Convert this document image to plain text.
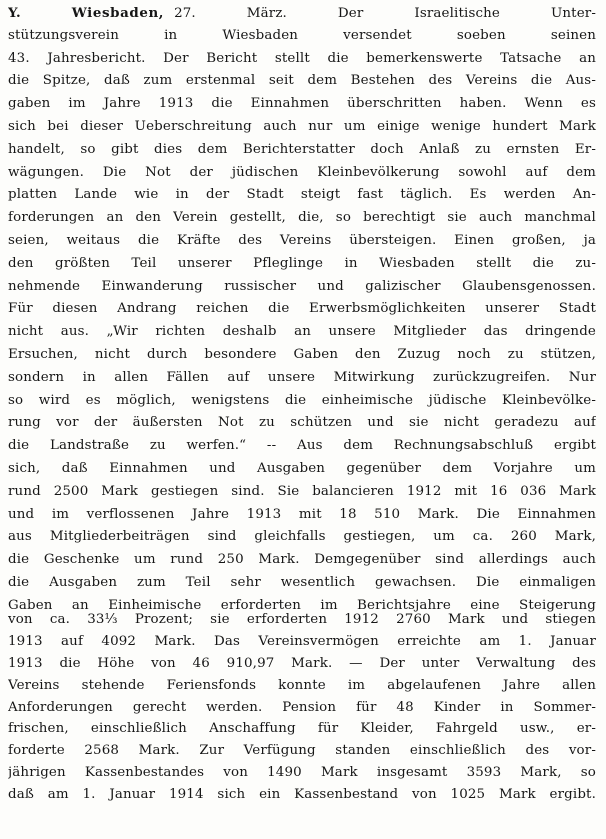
Y.	Wiesbaden, 27. März. Der Israelitische Unter-
stützungsverein in Wiesbaden versendet soeben seinen
43. Jahresbericht. Der Bericht stellt die bemerkenswerte Tatsache an
die Spitze, daß zum erstenmal seit dem Bestehen des Vereins die Aus-
gaben im Jahre 1913 die Einnahmen überschritten haben. Wenn es
sich bei dieser Ueberschreitung auch nur um einige wenige hundert Mark
handelt, so gibt dies dem Berichterstatter doch Anlaß zu ernsten Er-
wägungen. Die Not der jüdischen Kleinbevölkerung sowohl auf dem
platten Lande wie in der Stadt steigt fast täglich. Es werden An-
forderungen an den Verein gestellt, die, so berechtigt sie auch manchmal
seien, weitaus die Kräfte des Vereins übersteigen. Einen großen, ja
den größten Teil unserer Pfleglinge in Wiesbaden stellt die zu-
nehmende Einwanderung russischer und galizischer Glaubensgenossen.
Für diesen Andrang reichen die Erwerbsmöglichkeiten unserer Stadt
nicht aus. „Wir richten deshalb an unsere Mitglieder das dringende
Ersuchen, nicht durch besondere Gaben den Zuzug noch zu stützen,
sondern in allen Fällen auf unsere Mitwirkung zurückzugreifen. Nur
so wird es möglich, wenigstens die einheimische jüdische Kleinbevölke-
rung vor der äußersten Not zu schützen und sie nicht geradezu auf
die Landstraße zu werfen.“ -- Aus dem Rechnungsabschluß ergibt
sich, daß Einnahmen und Ausgaben gegenüber dem Vorjahre um
rund 2500 Mark gestiegen sind. Sie balancieren 1912 mit 16 036 Mark
und im verflossenen Jahre 1913 mit 18 510 Mark. Die Einnahmen
aus Mitgliederbeiträgen sind gleichfalls gestiegen, um ca. 260 Mark,
die Geschenke um rund 250 Mark. Demgegenüber sind allerdings auch
die Ausgaben zum Teil sehr wesentlich gewachsen. Die einmaligen
Gaben an Einheimische erforderten im Berichtsjahre eine Steigerung
von ca. 33⅓ Prozent; sie erforderten 1912 2760 Mark und stiegen
1913 auf 4092 Mark. Das Vereinsvermögen erreichte am 1. Januar
1913 die Höhe von 46 910,97 Mark. — Der unter Verwaltung des
Vereins stehende Feriensfonds konnte im abgelaufenen Jahre allen
Anforderungen gerecht werden. Pension für 48 Kinder in Sommer-
frischen, einschließlich Anschaffung für Kleider, Fahrgeld usw., er-
forderte 2568 Mark. Zur Verfügung standen einschließlich des vor-
jährigen Kassenbestandes von 1490 Mark insgesamt 3593 Mark, so
daß am 1. Januar 1914 sich ein Kassenbestand von 1025 Mark ergibt.
